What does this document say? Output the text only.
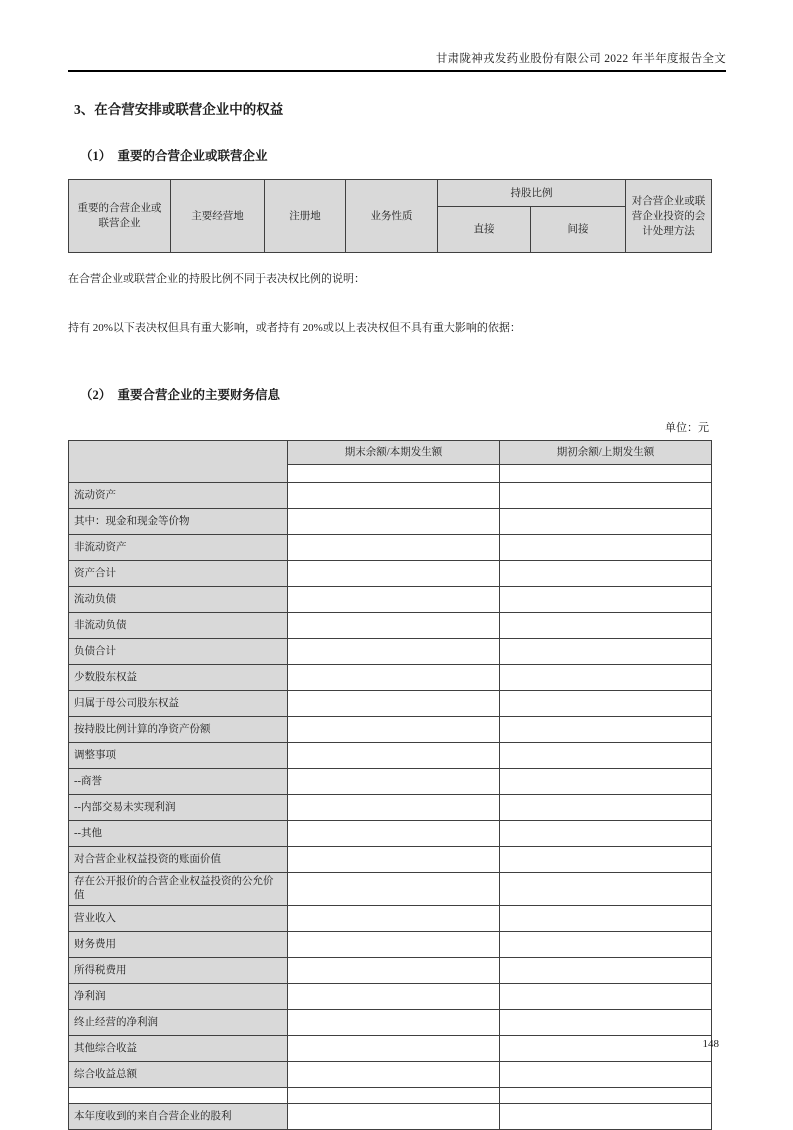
甘肃陇神戎发药业股份有限公司 2022 年半年度报告全文
3、在合营安排或联营企业中的权益
（1）　重要的合营企业或联营企业
重要的合营企业或联营企业	主要经营地	注册地	业务性质	持股比例		对合营企业或联营企业投资的会计处理方法
				直接	间接	

在合营企业或联营企业的持股比例不同于表决权比例的说明：

持有 20%以下表决权但具有重大影响，或者持有 20%或以上表决权但不具有重大影响的依据：

（2）　重要合营企业的主要财务信息
单位：元
	期末余额/本期发生额	期初余额/上期发生额

流动资产		
其中：现金和现金等价物		
非流动资产		
资产合计		
流动负债		
非流动负债		
负债合计		
少数股东权益		
归属于母公司股东权益		
按持股比例计算的净资产份额		
调整事项		
--商誉		
--内部交易未实现利润		
--其他		
对合营企业权益投资的账面价值		
存在公开报价的合营企业权益投资的公允价值		
营业收入		
财务费用		
所得税费用		
净利润		
终止经营的净利润		
其他综合收益		
综合收益总额		

本年度收到的来自合营企业的股利		
148
